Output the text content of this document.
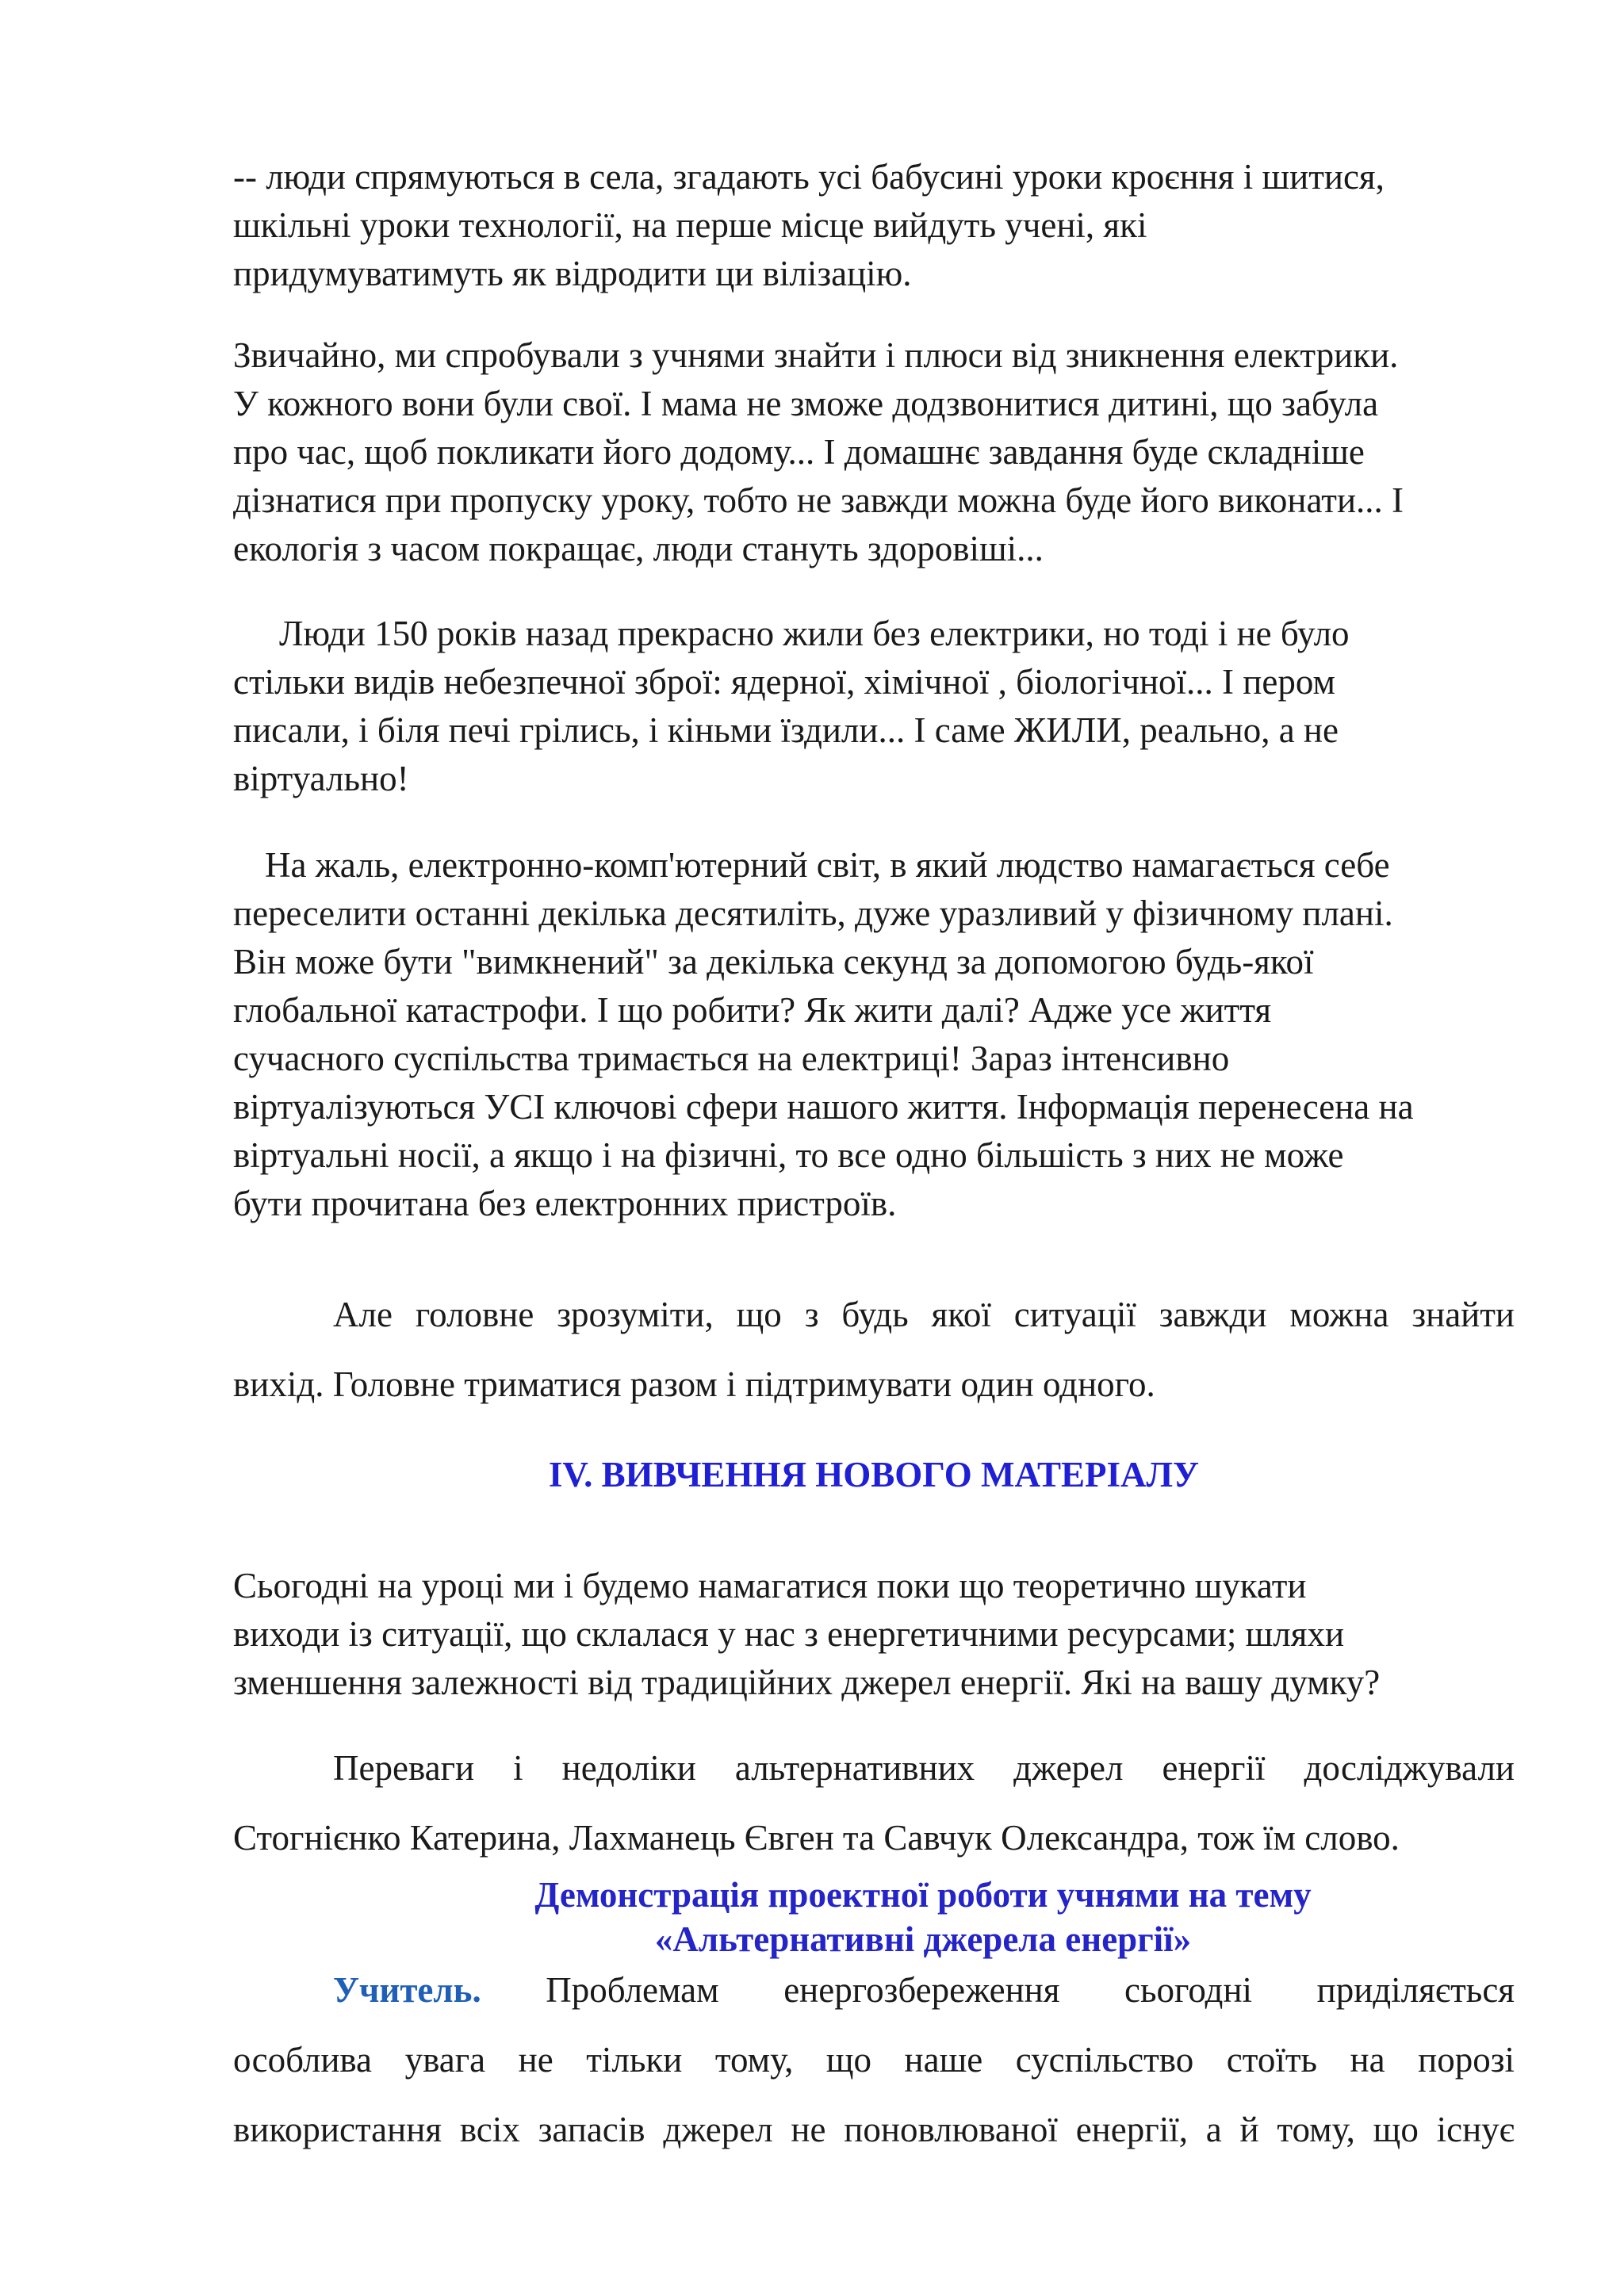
-- люди спрямуються в села, згадають усі бабусині уроки кроєння і шитися,
шкільні уроки технології, на перше місце вийдуть учені, які
придумуватимуть як відродити ци вілізацію.
Звичайно, ми спробували з учнями знайти і плюси від зникнення електрики.
У кожного вони були свої. І мама не зможе додзвонитися дитині, що забула
про час, щоб покликати його додому... І домашнє завдання буде складніше
дізнатися при пропуску уроку, тобто не завжди можна буде його виконати... І
екологія з часом покращає, люди стануть здоровіші...
Люди 150 років назад прекрасно жили без електрики, но тоді і не було
стільки видів небезпечної зброї: ядерної, хімічної , біологічної... І пером
писали, і біля печі грілись, і кіньми їздили... І саме ЖИЛИ, реально, а не
віртуально!
На жаль, електронно-комп'ютерний світ, в який людство намагається себе
переселити останні декілька десятиліть, дуже уразливий у фізичному плані.
Він може бути "вимкнений" за декілька секунд за допомогою будь-якої
глобальної катастрофи. І що робити? Як жити далі? Адже усе життя
сучасного суспільства тримається на електриці! Зараз інтенсивно
віртуалізуються УСІ ключові сфери нашого життя. Інформація перенесена на
віртуальні носії, а якщо і на фізичні, то все одно більшість з них не може
бути прочитана без електронних пристроїв.
Але головне зрозуміти, що з будь якої ситуації завжди можна знайти
вихід. Головне триматися разом і підтримувати один одного.
IV. ВИВЧЕННЯ НОВОГО МАТЕРІАЛУ
Сьогодні на уроці ми і будемо намагатися поки що теоретично шукати
виходи із ситуації, що склалася у нас з енергетичними ресурсами; шляхи
зменшення залежності від традиційних джерел енергії. Які на вашу думку?
Переваги і недоліки альтернативних джерел енергії досліджували
Стогнієнко Катерина, Лахманець Євген та Савчук Олександра, тож їм слово.
Демонстрація проектної роботи учнями на тему
«Альтернативні джерела енергії»
Учитель. Проблемам енергозбереження сьогодні приділяється
особлива увага не тільки тому, що наше суспільство стоїть на порозі
використання всіх запасів джерел не поновлюваної енергії, а й тому, що існує
